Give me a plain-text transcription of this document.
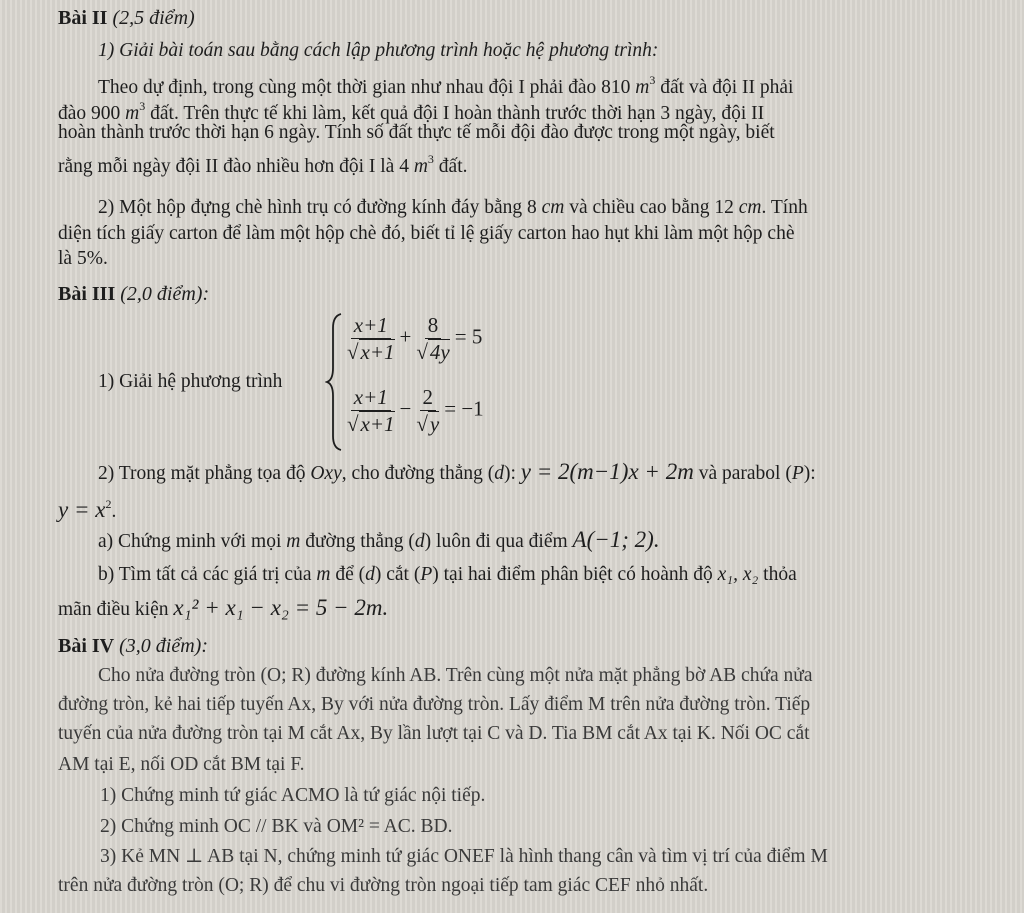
Bài II (2,5 điểm)
1) Giải bài toán sau bằng cách lập phương trình hoặc hệ phương trình:
Theo dự định, trong cùng một thời gian như nhau đội I phải đào 810 $m^3$ đất và đội II phải
đào 900 $m^3$ đất. Trên thực tế khi làm, kết quả đội I hoàn thành trước thời hạn 3 ngày, đội II
hoàn thành trước thời hạn 6 ngày. Tính số đất thực tế mỗi đội đào được trong một ngày, biết
rằng mỗi ngày đội II đào nhiều hơn đội I là 4 $m^3$ đất.
2) Một hộp đựng chè hình trụ có đường kính đáy bằng 8 cm và chiều cao bằng 12 cm. Tính
diện tích giấy carton để làm một hộp chè đó, biết tỉ lệ giấy carton hao hụt khi làm một hộp chè
là 5%.
Bài III (2,0 điểm):
1) Giải hệ phương trình
$\frac{x+1}{√x+1} + \frac{8}{√4y} = 5$
$\frac{x+1}{√x+1} - \frac{2}{√y} = -1$
2) Trong mặt phẳng tọa độ Oxy, cho đường thẳng (d): y = 2(m−1)x + 2m và parabol (P):
$y = x^2$.
a) Chứng minh với mọi m đường thẳng (d) luôn đi qua điểm A(−1; 2).
b) Tìm tất cả các giá trị của m để (d) cắt (P) tại hai điểm phân biệt có hoành độ x₁, x₂ thỏa
mãn điều kiện x₁² + x₁ − x₂ = 5 − 2m.
Bài IV (3,0 điểm):
Cho nửa đường tròn (O; R) đường kính AB. Trên cùng một nửa mặt phẳng bờ AB chứa nửa
đường tròn, kẻ hai tiếp tuyến Ax, By với nửa đường tròn. Lấy điểm M trên nửa đường tròn. Tiếp
tuyến của nửa đường tròn tại M cắt Ax, By lần lượt tại C và D. Tia BM cắt Ax tại K. Nối OC cắt
AM tại E, nối OD cắt BM tại F.
1) Chứng minh tứ giác ACMO là tứ giác nội tiếp.
2) Chứng minh OC // BK và OM² = AC. BD.
3) Kẻ MN ⊥ AB tại N, chứng minh tứ giác ONEF là hình thang cân và tìm vị trí của điểm M
trên nửa đường tròn (O; R) để chu vi đường tròn ngoại tiếp tam giác CEF nhỏ nhất.
